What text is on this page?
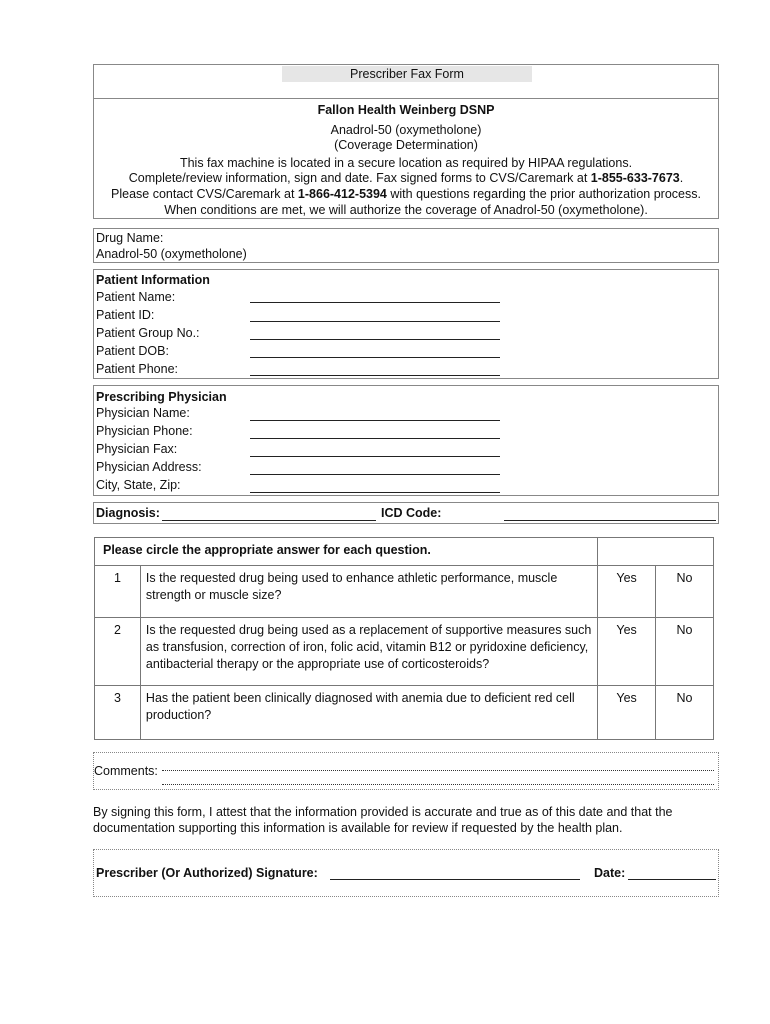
Prescriber Fax Form
Fallon Health Weinberg DSNP
Anadrol-50 (oxymetholone)
(Coverage Determination)
This fax machine is located in a secure location as required by HIPAA regulations.
Complete/review information, sign and date. Fax signed forms to CVS/Caremark at 1-855-633-7673.
Please contact CVS/Caremark at 1-866-412-5394 with questions regarding the prior authorization process.
When conditions are met, we will authorize the coverage of Anadrol-50 (oxymetholone).
Drug Name:
Anadrol-50 (oxymetholone)
Patient Information
Patient Name:
Patient ID:
Patient Group No.:
Patient DOB:
Patient Phone:
Prescribing Physician
Physician Name:
Physician Phone:
Physician Fax:
Physician Address:
City, State, Zip:
Diagnosis:	ICD Code:
Please circle the appropriate answer for each question.			
1	Is the requested drug being used to enhance athletic performance, muscle strength or muscle size?	Yes	No
2	Is the requested drug being used as a replacement of supportive measures such as transfusion, correction of iron, folic acid, vitamin B12 or pyridoxine deficiency, antibacterial therapy or the appropriate use of corticosteroids?	Yes	No
3	Has the patient been clinically diagnosed with anemia due to deficient red cell production?	Yes	No
Comments:
By signing this form, I attest that the information provided is accurate and true as of this date and that the documentation supporting this information is available for review if requested by the health plan.
Prescriber (Or Authorized) Signature:	Date:
